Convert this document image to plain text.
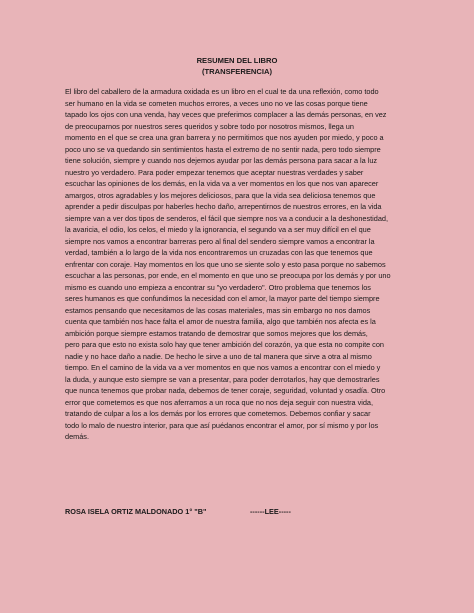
RESUMEN DEL LIBRO
(TRANSFERENCIA)
El libro del caballero de la armadura oxidada es un libro en el cual te da una reflexión, como todo
ser humano en la vida se cometen muchos errores, a veces uno no ve las cosas porque tiene
tapado los ojos con una venda, hay veces que preferimos complacer a las demás personas, en vez
de preocuparnos por nuestros seres queridos y sobre todo por nosotros mismos, llega un
momento en el que se crea una gran barrera y no permitimos que nos ayuden por miedo, y poco a
poco uno se va quedando sin sentimientos hasta el extremo de no sentir nada, pero todo siempre
tiene solución, siempre y cuando nos dejemos ayudar por las demás persona para sacar a la luz
nuestro yo verdadero. Para poder empezar tenemos que aceptar nuestras verdades y saber
escuchar las opiniones de los demás, en la vida va a ver momentos en los que nos van aparecer
amargos, otros agradables y los mejores deliciosos, para que la vida sea deliciosa tenemos que
aprender a pedir disculpas por haberles hecho daño, arrepentirnos de nuestros errores, en la vida
siempre van a ver dos tipos de senderos, el fácil que siempre nos va a conducir a la deshonestidad,
la avaricia, el odio, los celos, el miedo y la ignorancia, el segundo va a ser muy difícil en el que
siempre nos vamos a encontrar barreras pero al final del sendero siempre vamos a encontrar la
verdad, también a lo largo de la vida nos encontraremos un cruzadas con las que tenemos que
enfrentar con coraje. Hay momentos en los que uno se siente solo y esto pasa porque no sabemos
escuchar a las personas, por ende, en el momento en que uno se preocupa por los demás y por uno
mismo es cuando uno empieza a encontrar su "yo verdadero". Otro problema que tenemos los
seres humanos es que confundimos la necesidad con el amor, la mayor parte del tiempo siempre
estamos pensando que necesitamos de las cosas materiales, mas sin embargo no nos damos
cuenta que también nos hace falta el amor de nuestra familia, algo que también nos afecta es la
ambición porque siempre estamos tratando de demostrar que somos mejores que los demás,
pero para que esto no exista solo hay que tener ambición del corazón, ya que esta no compite con
nadie y no hace daño a nadie. De hecho le sirve a uno de tal manera que sirve a otra al mismo
tiempo. En el camino de la vida va a ver momentos en que nos vamos a encontrar con el miedo y
la duda, y aunque esto siempre se van a presentar, para poder derrotarlos, hay que demostrarles
que nunca tenemos que probar nada, debemos de tener coraje, seguridad, voluntad y osadía. Otro
error que cometemos es que nos aferramos a un roca que no nos deja seguir con nuestra vida,
tratando de culpar a los a los demás por los errores que cometemos. Debemos confiar y sacar
todo lo malo de nuestro interior, para que así puédanos encontrar el amor, por sí mismo y por los
demás.
ROSA ISELA ORTIZ MALDONADO 1° "B"	------LEE-----
